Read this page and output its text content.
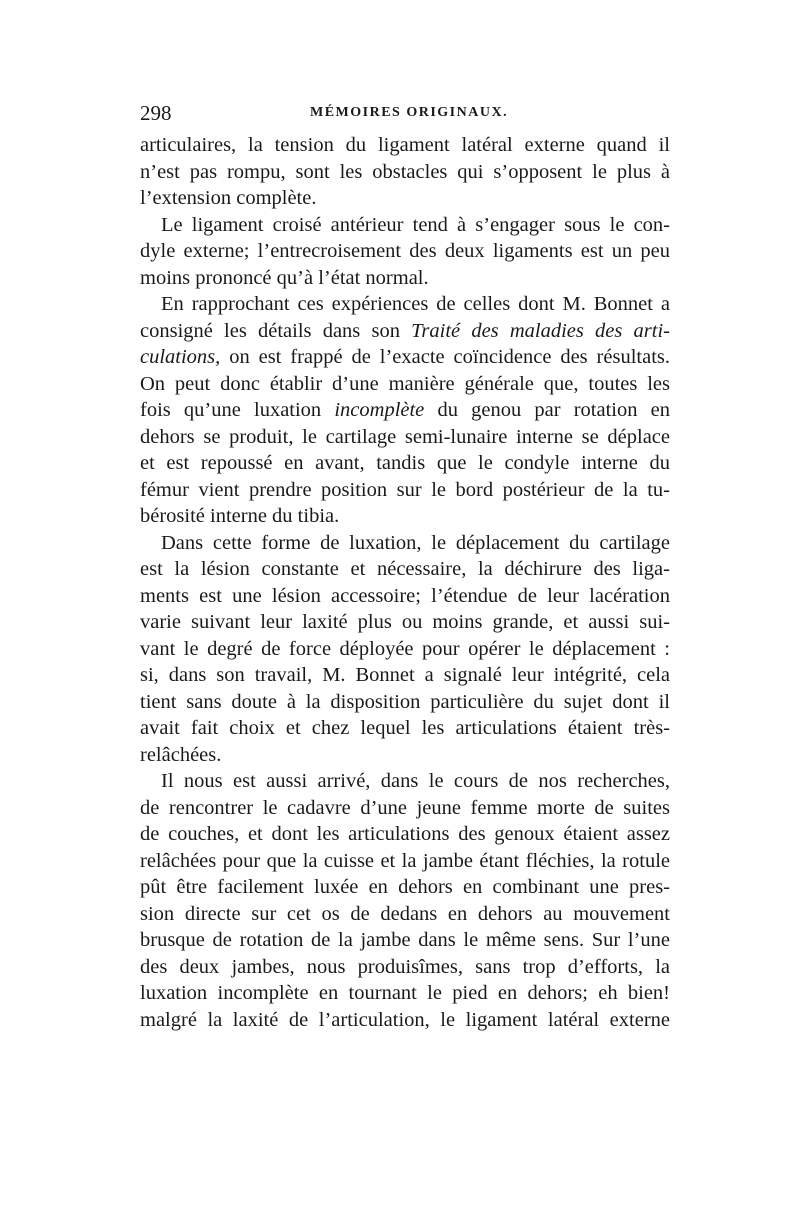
298	MÉMOIRES ORIGINAUX.
articulaires, la tension du ligament latéral externe quand il
n’est pas rompu, sont les obstacles qui s’opposent le plus à
l’extension complète.
Le ligament croisé antérieur tend à s’engager sous le con-
dyle externe; l’entrecroisement des deux ligaments est un peu
moins prononcé qu’à l’état normal.
En rapprochant ces expériences de celles dont M. Bonnet a
consigné les détails dans son Traité des maladies des arti-
culations, on est frappé de l’exacte coïncidence des résultats.
On peut donc établir d’une manière générale que, toutes les
fois qu’une luxation incomplète du genou par rotation en
dehors se produit, le cartilage semi-lunaire interne se déplace
et est repoussé en avant, tandis que le condyle interne du
fémur vient prendre position sur le bord postérieur de la tu-
bérosité interne du tibia.
Dans cette forme de luxation, le déplacement du cartilage
est la lésion constante et nécessaire, la déchirure des liga-
ments est une lésion accessoire; l’étendue de leur lacération
varie suivant leur laxité plus ou moins grande, et aussi sui-
vant le degré de force déployée pour opérer le déplacement :
si, dans son travail, M. Bonnet a signalé leur intégrité, cela
tient sans doute à la disposition particulière du sujet dont il
avait fait choix et chez lequel les articulations étaient très-
relâchées.
Il nous est aussi arrivé, dans le cours de nos recherches,
de rencontrer le cadavre d’une jeune femme morte de suites
de couches, et dont les articulations des genoux étaient assez
relâchées pour que la cuisse et la jambe étant fléchies, la rotule
pût être facilement luxée en dehors en combinant une pres-
sion directe sur cet os de dedans en dehors au mouvement
brusque de rotation de la jambe dans le même sens. Sur l’une
des deux jambes, nous produisîmes, sans trop d’efforts, la
luxation incomplète en tournant le pied en dehors; eh bien!
malgré la laxité de l’articulation, le ligament latéral externe
